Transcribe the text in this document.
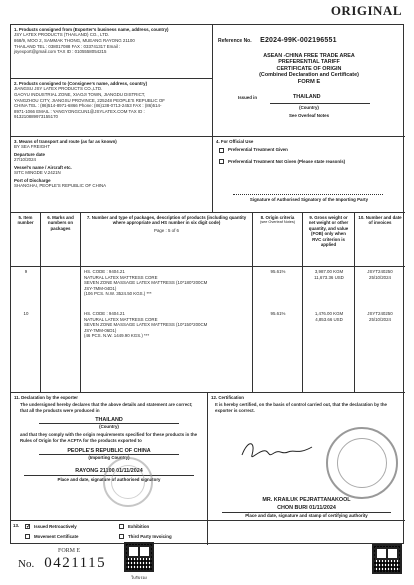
ORIGINAL
1. Products consigned from (Exporter's business name, address, country)
JSY LATEX PRODUCTS (THAILAND) CO., LTD.
868/9, MOO 2, SAMMAK THONG, MUEANG RAYONG 21100
THAILAND TEL : 038017088 FAX : 033741317 Email :
jsyexport@gmail.com TAX ID : 0105558054215
2. Products consigned to (Consignee's name, address, country)
JIANGSU JSY LATEX PRODUCTS CO.,LTD.
GAOYU INDUSTRIAL ZONE, XIAOJI TOWN, JIANGDU DISTRICT,
YANGZHOU CITY, JIANGSU PROVINCE, 225248 PEOPLE'S REPUBLIC OF
CHINA TEL : (86)514-8971-6866 Phone: (86)138-0713-2453 FAX : (86)514-
8971-1066 EMAIL : YANGYONGCUN1@JSYLATEX.COM TAX ID :
913210889973155170
Reference No. E2024-99K-002196551
ASEAN -CHINA FREE TRADE AREA
PREFERENTIAL TARIFF
CERTIFICATE OF ORIGIN
(Combined Declaration and Certificate)
FORM E
Issued in	THAILAND
(Country)
See Overleaf Notes
3. Means of transport and route (as far as known)
BY SEA FREIGHT
Departure date
27/10/2024
Vessel's name / Aircraft etc.
SITC MINGDE V.2421N
Port of Discharge
SHANGHAI, PEOPLE'S REPUBLIC OF CHINA
4. For Official Use
Preferential Treatment Given
Preferential Treatment Not Given (Please state reason/s)
Signature of Authorised Signatory of the Importing Party
5. Item number
6. Marks and numbers on packages
7. Number and type of packages, description of products (including quantity where appropriate and HS number in six digit code)
Page : 5 of 6
8. Origin criteria
(see Overleaf Notes)
9. Gross weight or net weight or other quantity, and value (FOB) only when RVC criterion is applied
10. Number and date of invoices
9	HS. CODE : 9404.21
NATURAL LATEX MATTRESS CORE
SEVEN ZONE MASSAGE LATEX MATTRESS (10*180*200CM
JSY-7MM-04D1)
(106 PCS. N.W. 3524.50 KGS.) ***
95.61%	3,987.00 KGM
11,673.36 USD
JSYT240250
25/10/2024
10	HS. CODE : 9404.21
NATURAL LATEX MATTRESS CORE
SEVEN ZONE MASSAGE LATEX MATTRESS (10*150*200CM
JSY-7MM-06D1)
(46 PCS. N.W. 1449.90 KGS.) ***
95.61%	1,476.00 KGM
4,853.66 USD
JSYT240250
25/10/2024
11. Declaration by the exporter
The undersigned hereby declares that the above details and statement are correct; that all the products were produced in
THAILAND
(Country)
and that they comply with the origin requirements specified for these products in the Rules of Origin for the ACFTA for the products exported to
PEOPLE'S REPUBLIC OF CHINA
(Importing Country)
RAYONG 21100 01/11/2024
Place and date, signature of authorised signatory
12. Certification
It is hereby certified, on the basis of control carried out, that the declaration by the exporter is correct.
MR. KRAILUK PEJRATTANAKOOL
CHON BURI 01/11/2024
Place and date, signature and stamp of certifying authority
13. ✓ Issued Retroactively	Exhibition
Movement Certificate	Third Party Invoicing
FORM E
No. 0421115
ใบรับรอง
